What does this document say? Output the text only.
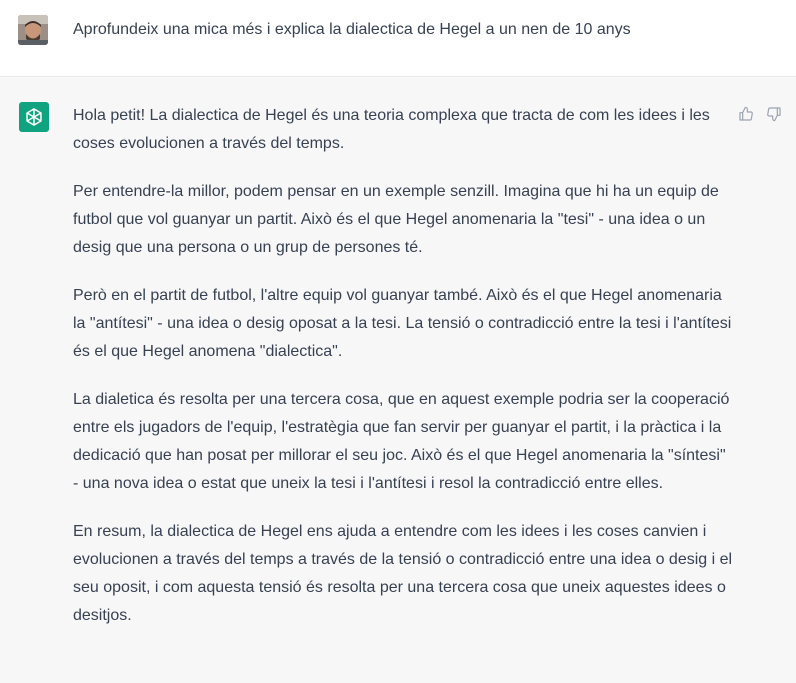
Aprofundeix una mica més i explica la dialectica de Hegel a un nen de 10 anys

Hola petit! La dialectica de Hegel és una teoria complexa que tracta de com les idees i les coses evolucionen a través del temps.

Per entendre-la millor, podem pensar en un exemple senzill. Imagina que hi ha un equip de futbol que vol guanyar un partit. Això és el que Hegel anomenaria la "tesi" - una idea o un desig que una persona o un grup de persones té.

Però en el partit de futbol, l'altre equip vol guanyar també. Això és el que Hegel anomenaria la "antítesi" - una idea o desig oposat a la tesi. La tensió o contradicció entre la tesi i l'antítesi és el que Hegel anomena "dialectica".

La dialetica és resolta per una tercera cosa, que en aquest exemple podria ser la cooperació entre els jugadors de l'equip, l'estratègia que fan servir per guanyar el partit, i la pràctica i la dedicació que han posat per millorar el seu joc. Això és el que Hegel anomenaria la "síntesi" - una nova idea o estat que uneix la tesi i l'antítesi i resol la contradicció entre elles.

En resum, la dialectica de Hegel ens ajuda a entendre com les idees i les coses canvien i evolucionen a través del temps a través de la tensió o contradicció entre una idea o desig i el seu oposit, i com aquesta tensió és resolta per una tercera cosa que uneix aquestes idees o desitjos.
